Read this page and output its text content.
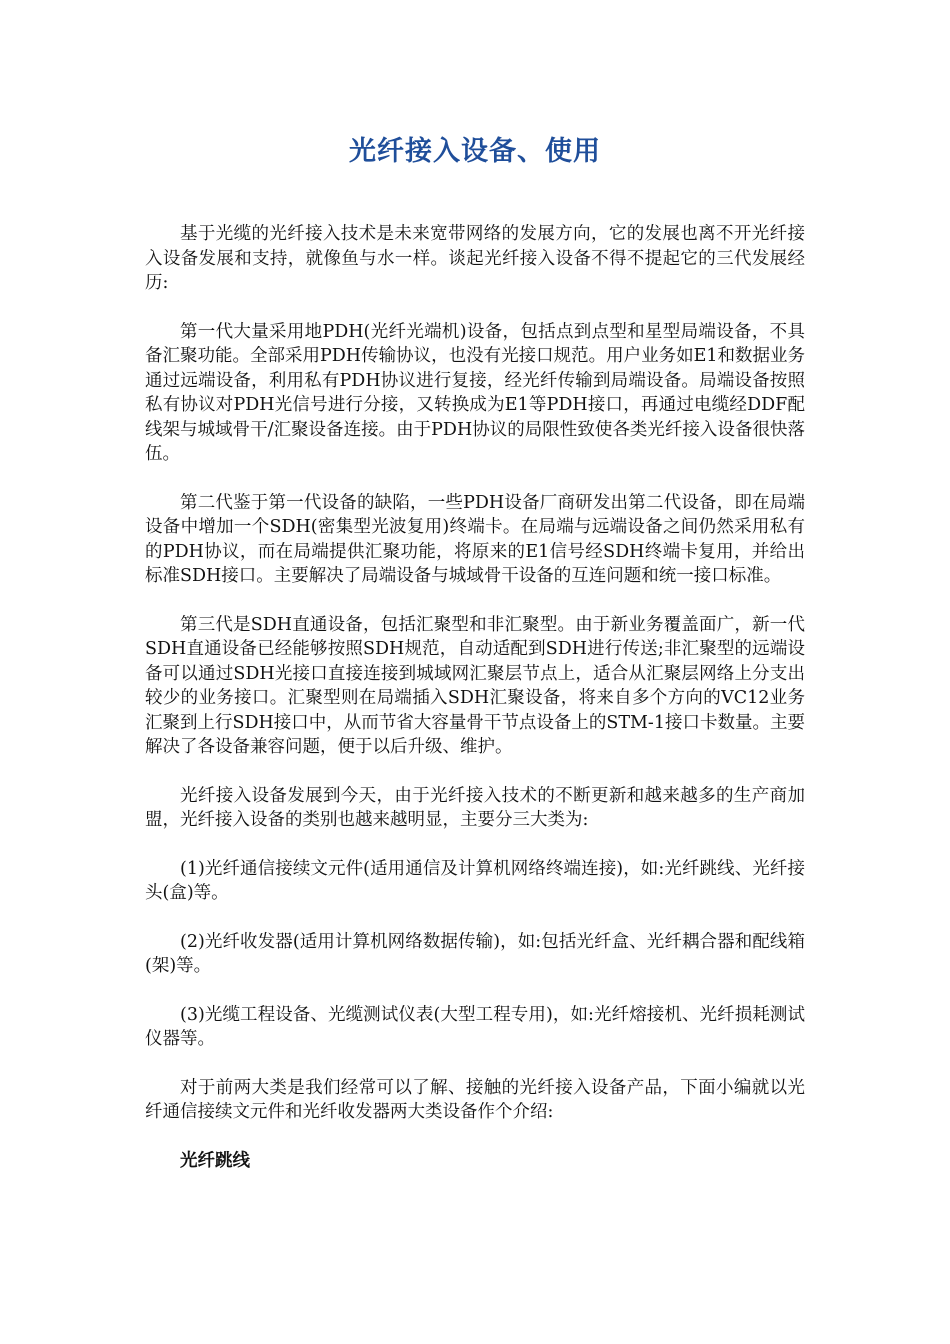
光纤接入设备、使用

基于光缆的光纤接入技术是未来宽带网络的发展方向，它的发展也离不开光纤接入设备发展和支持，就像鱼与水一样。谈起光纤接入设备不得不提起它的三代发展经历:

第一代大量采用地PDH(光纤光端机)设备，包括点到点型和星型局端设备，不具备汇聚功能。全部采用PDH传输协议，也没有光接口规范。用户业务如E1和数据业务通过远端设备，利用私有PDH协议进行复接，经光纤传输到局端设备。局端设备按照私有协议对PDH光信号进行分接，又转换成为E1等PDH接口，再通过电缆经DDF配线架与城域骨干/汇聚设备连接。由于PDH协议的局限性致使各类光纤接入设备很快落伍。

第二代鉴于第一代设备的缺陷，一些PDH设备厂商研发出第二代设备，即在局端设备中增加一个SDH(密集型光波复用)终端卡。在局端与远端设备之间仍然采用私有的PDH协议，而在局端提供汇聚功能，将原来的E1信号经SDH终端卡复用，并给出标准SDH接口。主要解决了局端设备与城域骨干设备的互连问题和统一接口标准。

第三代是SDH直通设备，包括汇聚型和非汇聚型。由于新业务覆盖面广，新一代SDH直通设备已经能够按照SDH规范，自动适配到SDH进行传送;非汇聚型的远端设备可以通过SDH光接口直接连接到城域网汇聚层节点上，适合从汇聚层网络上分支出较少的业务接口。汇聚型则在局端插入SDH汇聚设备，将来自多个方向的VC12业务汇聚到上行SDH接口中，从而节省大容量骨干节点设备上的STM-1接口卡数量。主要解决了各设备兼容问题，便于以后升级、维护。

光纤接入设备发展到今天，由于光纤接入技术的不断更新和越来越多的生产商加盟，光纤接入设备的类别也越来越明显，主要分三大类为:

(1)光纤通信接续文元件(适用通信及计算机网络终端连接)，如:光纤跳线、光纤接头(盒)等。

(2)光纤收发器(适用计算机网络数据传输)，如:包括光纤盒、光纤耦合器和配线箱(架)等。

(3)光缆工程设备、光缆测试仪表(大型工程专用)，如:光纤熔接机、光纤损耗测试仪器等。

对于前两大类是我们经常可以了解、接触的光纤接入设备产品，下面小编就以光纤通信接续文元件和光纤收发器两大类设备作个介绍:

光纤跳线
